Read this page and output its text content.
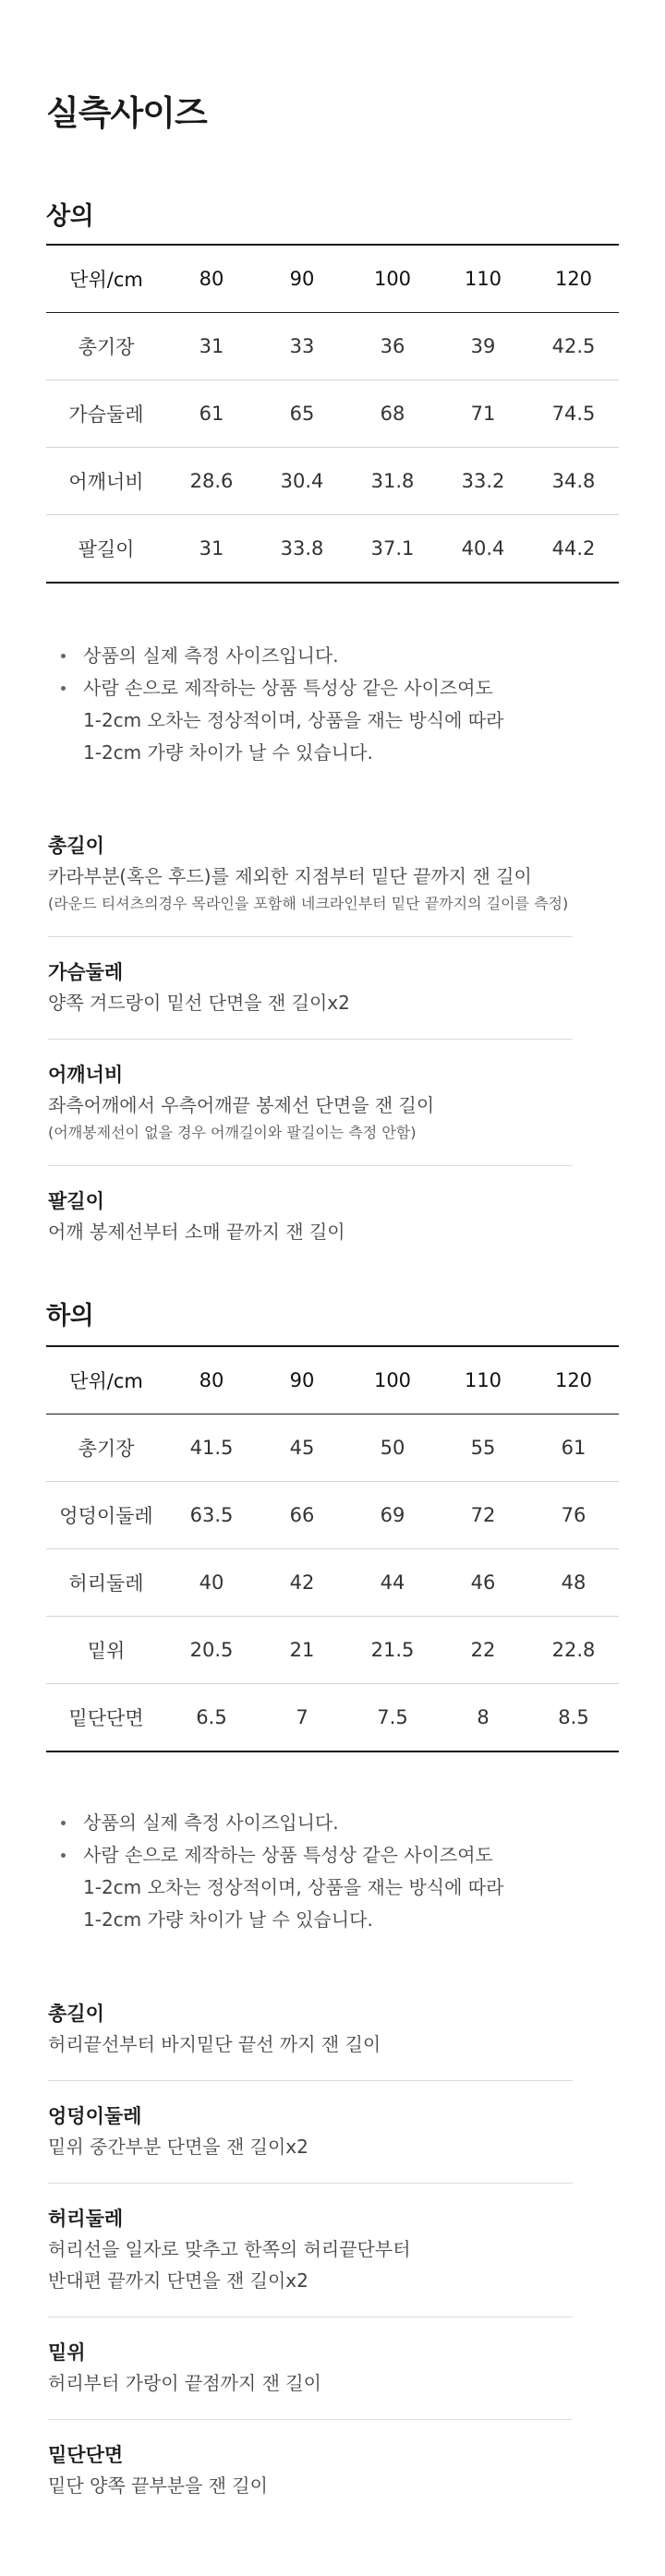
실측사이즈
상의
단위/cm	80	90	100	110	120
총기장	31	33	36	39	42.5
가슴둘레	61	65	68	71	74.5
어깨너비	28.6	30.4	31.8	33.2	34.8
팔길이	31	33.8	37.1	40.4	44.2
상품의 실제 측정 사이즈입니다.
사람 손으로 제작하는 상품 특성상 같은 사이즈여도
1-2cm 오차는 정상적이며, 상품을 재는 방식에 따라
1-2cm 가량 차이가 날 수 있습니다.
총길이
카라부분(혹은 후드)를 제외한 지점부터 밑단 끝까지 잰 길이
(라운드 티셔츠의경우 목라인을 포함해 네크라인부터 밑단 끝까지의 길이를 측정)
가슴둘레
양쪽 겨드랑이 밑선 단면을 잰 길이x2
어깨너비
좌측어깨에서 우측어깨끝 봉제선 단면을 잰 길이
(어깨봉제선이 없을 경우 어깨길이와 팔길이는 측정 안함)
팔길이
어깨 봉제선부터 소매 끝까지 잰 길이
하의
단위/cm	80	90	100	110	120
총기장	41.5	45	50	55	61
엉덩이둘레	63.5	66	69	72	76
허리둘레	40	42	44	46	48
밑위	20.5	21	21.5	22	22.8
밑단단면	6.5	7	7.5	8	8.5
상품의 실제 측정 사이즈입니다.
사람 손으로 제작하는 상품 특성상 같은 사이즈여도
1-2cm 오차는 정상적이며, 상품을 재는 방식에 따라
1-2cm 가량 차이가 날 수 있습니다.
총길이
허리끝선부터 바지밑단 끝선 까지 잰 길이
엉덩이둘레
밑위 중간부분 단면을 잰 길이x2
허리둘레
허리선을 일자로 맞추고 한쪽의 허리끝단부터
반대편 끝까지 단면을 잰 길이x2
밑위
허리부터 가랑이 끝점까지 잰 길이
밑단단면
밑단 양쪽 끝부분을 잰 길이
